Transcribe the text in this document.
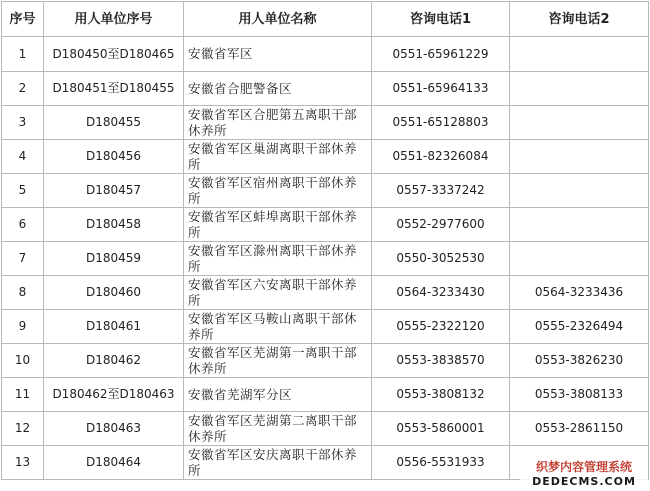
序号	用人单位序号	用人单位名称	咨询电话1	咨询电话2
1	D180450至D180465	安徽省军区	0551-65961229	
2	D180451至D180455	安徽省合肥警备区	0551-65964133	
3	D180455	安徽省军区合肥第五离职干部休养所	0551-65128803	
4	D180456	安徽省军区巢湖离职干部休养所	0551-82326084	
5	D180457	安徽省军区宿州离职干部休养所	0557-3337242	
6	D180458	安徽省军区蚌埠离职干部休养所	0552-2977600	
7	D180459	安徽省军区滁州离职干部休养所	0550-3052530	
8	D180460	安徽省军区六安离职干部休养所	0564-3233430	0564-3233436
9	D180461	安徽省军区马鞍山离职干部休养所	0555-2322120	0555-2326494
10	D180462	安徽省军区芜湖第一离职干部休养所	0553-3838570	0553-3826230
11	D180462至D180463	安徽省芜湖军分区	0553-3808132	0553-3808133
12	D180463	安徽省军区芜湖第二离职干部休养所	0553-5860001	0553-2861150
13	D180464	安徽省军区安庆离职干部休养所	0556-5531933		织梦内容管理系统
DEDECMS.COM
